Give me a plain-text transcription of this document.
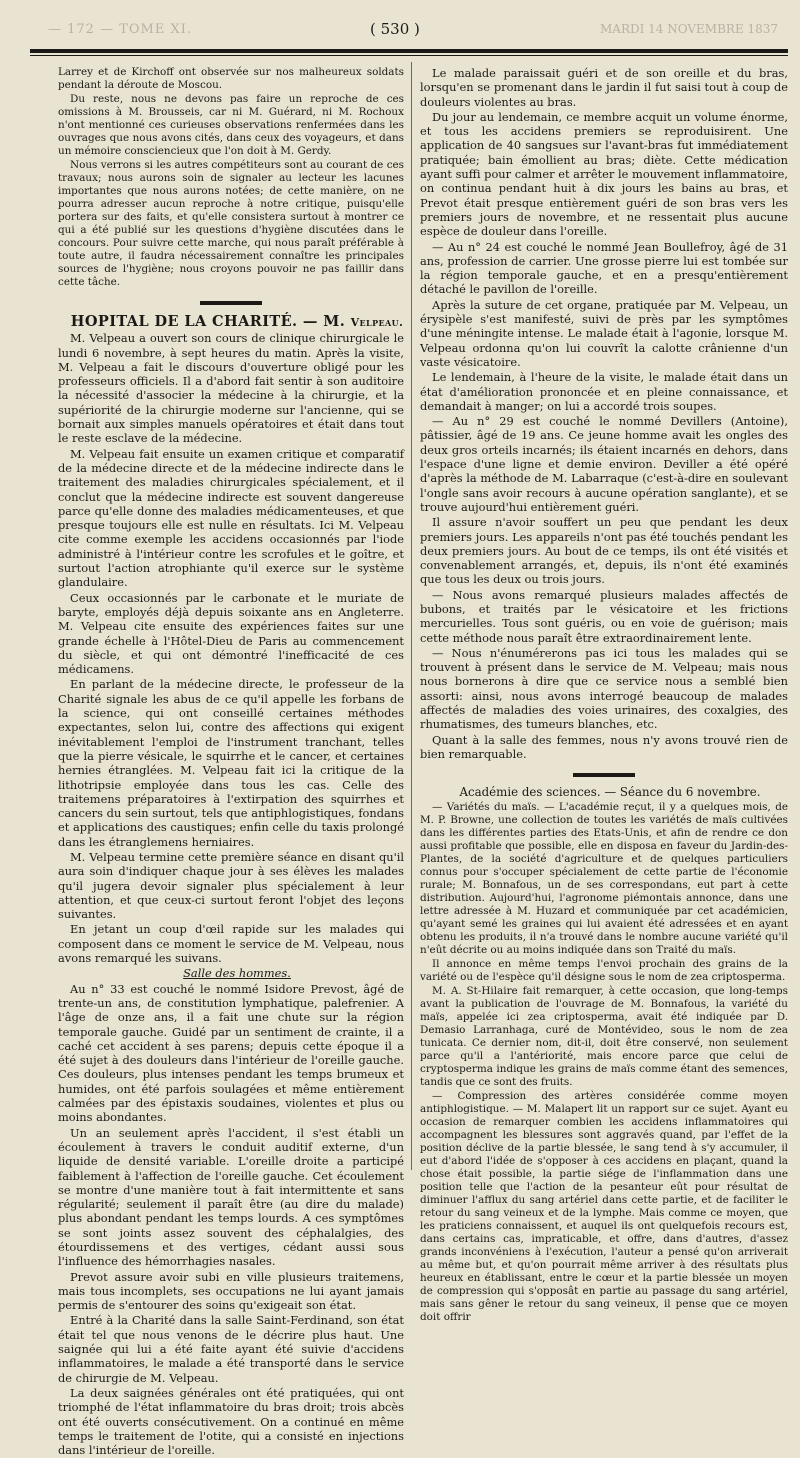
— 172 — TOME XI.	( 530 )	MARDI 14 NOVEMBRE 1837

Larrey et de Kirchoff ont observée sur nos malheureux soldats pendant la déroute de Moscou.

Du reste, nous ne devons pas faire un reproche de ces omissions à M. Brousseis, car ni M. Guérard, ni M. Rochoux n'ont mentionné ces curieuses observations renfermées dans les ouvrages que nous avons cités, dans ceux des voyageurs, et dans un mémoire consciencieux que l'on doit à M. Gerdy.

Nous verrons si les autres compétiteurs sont au courant de ces travaux; nous aurons soin de signaler au lecteur les lacunes importantes que nous aurons notées; de cette manière, on ne pourra adresser aucun reproche à notre critique, puisqu'elle portera sur des faits, et qu'elle consistera surtout à montrer ce qui a été publié sur les questions d'hygiène discutées dans le concours. Pour suivre cette marche, qui nous paraît préférable à toute autre, il faudra nécessairement connaître les principales sources de l'hygiène; nous croyons pouvoir ne pas faillir dans cette tâche.

HOPITAL DE LA CHARITÉ. — M. Velpeau.

M. Velpeau a ouvert son cours de clinique chirurgicale le lundi 6 novembre, à sept heures du matin. Après la visite, M. Velpeau a fait le discours d'ouverture obligé pour les professeurs officiels. Il a d'abord fait sentir à son auditoire la nécessité d'associer la médecine à la chirurgie, et la supériorité de la chirurgie moderne sur l'ancienne, qui se bornait aux simples manuels opératoires et était dans tout le reste esclave de la médecine.

M. Velpeau fait ensuite un examen critique et comparatif de la médecine directe et de la médecine indirecte dans le traitement des maladies chirurgicales spécialement, et il conclut que la médecine indirecte est souvent dangereuse parce qu'elle donne des maladies médicamenteuses, et que presque toujours elle est nulle en résultats. Ici M. Velpeau cite comme exemple les accidens occasionnés par l'iode administré à l'intérieur contre les scrofules et le goître, et surtout l'action atrophiante qu'il exerce sur le système glandulaire.

Ceux occasionnés par le carbonate et le muriate de baryte, employés déjà depuis soixante ans en Angleterre. M. Velpeau cite ensuite des expériences faites sur une grande échelle à l'Hôtel-Dieu de Paris au commencement du siècle, et qui ont démontré l'inefficacité de ces médicamens.

En parlant de la médecine directe, le professeur de la Charité signale les abus de ce qu'il appelle les forbans de la science, qui ont conseillé certaines méthodes expectantes, selon lui, contre des affections qui exigent inévitablement l'emploi de l'instrument tranchant, telles que la pierre vésicale, le squirrhe et le cancer, et certaines hernies étranglées. M. Velpeau fait ici la critique de la lithotripsie employée dans tous les cas. Celle des traitemens préparatoires à l'extirpation des squirrhes et cancers du sein surtout, tels que antiphlogistiques, fondans et applications des caustiques; enfin celle du taxis prolongé dans les étranglemens herniaires.

M. Velpeau termine cette première séance en disant qu'il aura soin d'indiquer chaque jour à ses élèves les malades qu'il jugera devoir signaler plus spécialement à leur attention, et que ceux-ci surtout feront l'objet des leçons suivantes.

En jetant un coup d'œil rapide sur les malades qui composent dans ce moment le service de M. Velpeau, nous avons remarqué les suivans.

Salle des hommes.

Au n° 33 est couché le nommé Isidore Prevost, âgé de trente-un ans, de constitution lymphatique, palefrenier. A l'âge de onze ans, il a fait une chute sur la région temporale gauche. Guidé par un sentiment de crainte, il a caché cet accident à ses parens; depuis cette époque il a été sujet à des douleurs dans l'intérieur de l'oreille gauche. Ces douleurs, plus intenses pendant les temps brumeux et humides, ont été parfois soulagées et même entièrement calmées par des épistaxis soudaines, violentes et plus ou moins abondantes.

Un an seulement après l'accident, il s'est établi un écoulement à travers le conduit auditif externe, d'un liquide de densité variable. L'oreille droite a participé faiblement à l'affection de l'oreille gauche. Cet écoulement se montre d'une manière tout à fait intermittente et sans régularité; seulement il paraît être (au dire du malade) plus abondant pendant les temps lourds. A ces symptômes se sont joints assez souvent des céphalalgies, des étourdissemens et des vertiges, cédant aussi sous l'influence des hémorrhagies nasales.

Prevot assure avoir subi en ville plusieurs traitemens, mais tous incomplets, ses occupations ne lui ayant jamais permis de s'entourer des soins qu'exigeait son état.

Entré à la Charité dans la salle Saint-Ferdinand, son état était tel que nous venons de le décrire plus haut. Une saignée qui lui a été faite ayant été suivie d'accidens inflammatoires, le malade a été transporté dans le service de chirurgie de M. Velpeau.

La deux saignées générales ont été pratiquées, qui ont triomphé de l'état inflammatoire du bras droit; trois abcès ont été ouverts consécutivement. On a continué en même temps le traitement de l'otite, qui a consisté en injections dans l'intérieur de l'oreille.

Le malade paraissait guéri et de son oreille et du bras, lorsqu'en se promenant dans le jardin il fut saisi tout à coup de douleurs violentes au bras.

Du jour au lendemain, ce membre acquit un volume énorme, et tous les accidens premiers se reproduisirent. Une application de 40 sangsues sur l'avant-bras fut immédiatement pratiquée; bain émollient au bras; diète. Cette médication ayant suffi pour calmer et arrêter le mouvement inflammatoire, on continua pendant huit à dix jours les bains au bras, et Prevot était presque entièrement guéri de son bras vers les premiers jours de novembre, et ne ressentait plus aucune espèce de douleur dans l'oreille.

— Au n° 24 est couché le nommé Jean Boullefroy, âgé de 31 ans, profession de carrier. Une grosse pierre lui est tombée sur la région temporale gauche, et en a presqu'entièrement détaché le pavillon de l'oreille.

Après la suture de cet organe, pratiquée par M. Velpeau, un érysipèle s'est manifesté, suivi de près par les symptômes d'une méningite intense. Le malade était à l'agonie, lorsque M. Velpeau ordonna qu'on lui couvrît la calotte crânienne d'un vaste vésicatoire.

Le lendemain, à l'heure de la visite, le malade était dans un état d'amélioration prononcée et en pleine connaissance, et demandait à manger; on lui a accordé trois soupes.

— Au n° 29 est couché le nommé Devillers (Antoine), pâtissier, âgé de 19 ans. Ce jeune homme avait les ongles des deux gros orteils incarnés; ils étaient incarnés en dehors, dans l'espace d'une ligne et demie environ. Deviller a été opéré d'après la méthode de M. Labarraque (c'est-à-dire en soulevant l'ongle sans avoir recours à aucune opération sanglante), et se trouve aujourd'hui entièrement guéri.

Il assure n'avoir souffert un peu que pendant les deux premiers jours. Les appareils n'ont pas été touchés pendant les deux premiers jours. Au bout de ce temps, ils ont été visités et convenablement arrangés, et, depuis, ils n'ont été examinés que tous les deux ou trois jours.

— Nous avons remarqué plusieurs malades affectés de bubons, et traités par le vésicatoire et les frictions mercurielles. Tous sont guéris, ou en voie de guérison; mais cette méthode nous paraît être extraordinairement lente.

— Nous n'énumérerons pas ici tous les malades qui se trouvent à présent dans le service de M. Velpeau; mais nous nous bornerons à dire que ce service nous a semblé bien assorti: ainsi, nous avons interrogé beaucoup de malades affectés de maladies des voies urinaires, des coxalgies, des rhumatismes, des tumeurs blanches, etc.

Quant à la salle des femmes, nous n'y avons trouvé rien de bien remarquable.

Académie des sciences. — Séance du 6 novembre.

— Variétés du maïs. — L'académie reçut, il y a quelques mois, de M. P. Browne, une collection de toutes les variétés de maïs cultivées dans les différentes parties des Etats-Unis, et afin de rendre ce don aussi profitable que possible, elle en disposa en faveur du Jardin-des-Plantes, de la société d'agriculture et de quelques particuliers connus pour s'occuper spécialement de cette partie de l'économie rurale; M. Bonnafous, un de ses correspondans, eut part à cette distribution. Aujourd'hui, l'agronome piémontais annonce, dans une lettre adressée à M. Huzard et communiquée par cet académicien, qu'ayant semé les graines qui lui avaient été adressées et en ayant obtenu les produits, il n'a trouvé dans le nombre aucune variété qu'il n'eût décrite ou au moins indiquée dans son Traité du maïs.

Il annonce en même temps l'envoi prochain des grains de la variété ou de l'espèce qu'il désigne sous le nom de zea criptosperma.

M. A. St-Hilaire fait remarquer, à cette occasion, que long-temps avant la publication de l'ouvrage de M. Bonnafous, la variété du maïs, appelée ici zea criptosperma, avait été indiquée par D. Demasio Larranhaga, curé de Montévideo, sous le nom de zea tunicata. Ce dernier nom, dit-il, doit être conservé, non seulement parce qu'il a l'antériorité, mais encore parce que celui de cryptosperma indique les grains de maïs comme étant des semences, tandis que ce sont des fruits.

— Compression des artères considérée comme moyen antiphlogistique. — M. Malapert lit un rapport sur ce sujet. Ayant eu occasion de remarquer combien les accidens inflammatoires qui accompagnent les blessures sont aggravés quand, par l'effet de la position déclive de la partie blessée, le sang tend à s'y accumuler, il eut d'abord l'idée de s'opposer à ces accidens en plaçant, quand la chose était possible, la partie siége de l'inflammation dans une position telle que l'action de la pesanteur eût pour résultat de diminuer l'afflux du sang artériel dans cette partie, et de faciliter le retour du sang veineux et de la lymphe. Mais comme ce moyen, que les praticiens connaissent, et auquel ils ont quelquefois recours est, dans certains cas, impraticable, et offre, dans d'autres, d'assez grands inconvéniens à l'exécution, l'auteur a pensé qu'on arriverait au même but, et qu'on pourrait même arriver à des résultats plus heureux en établissant, entre le cœur et la partie blessée un moyen de compression qui s'opposât en partie au passage du sang artériel, mais sans gêner le retour du sang veineux, il pense que ce moyen doit offrir
